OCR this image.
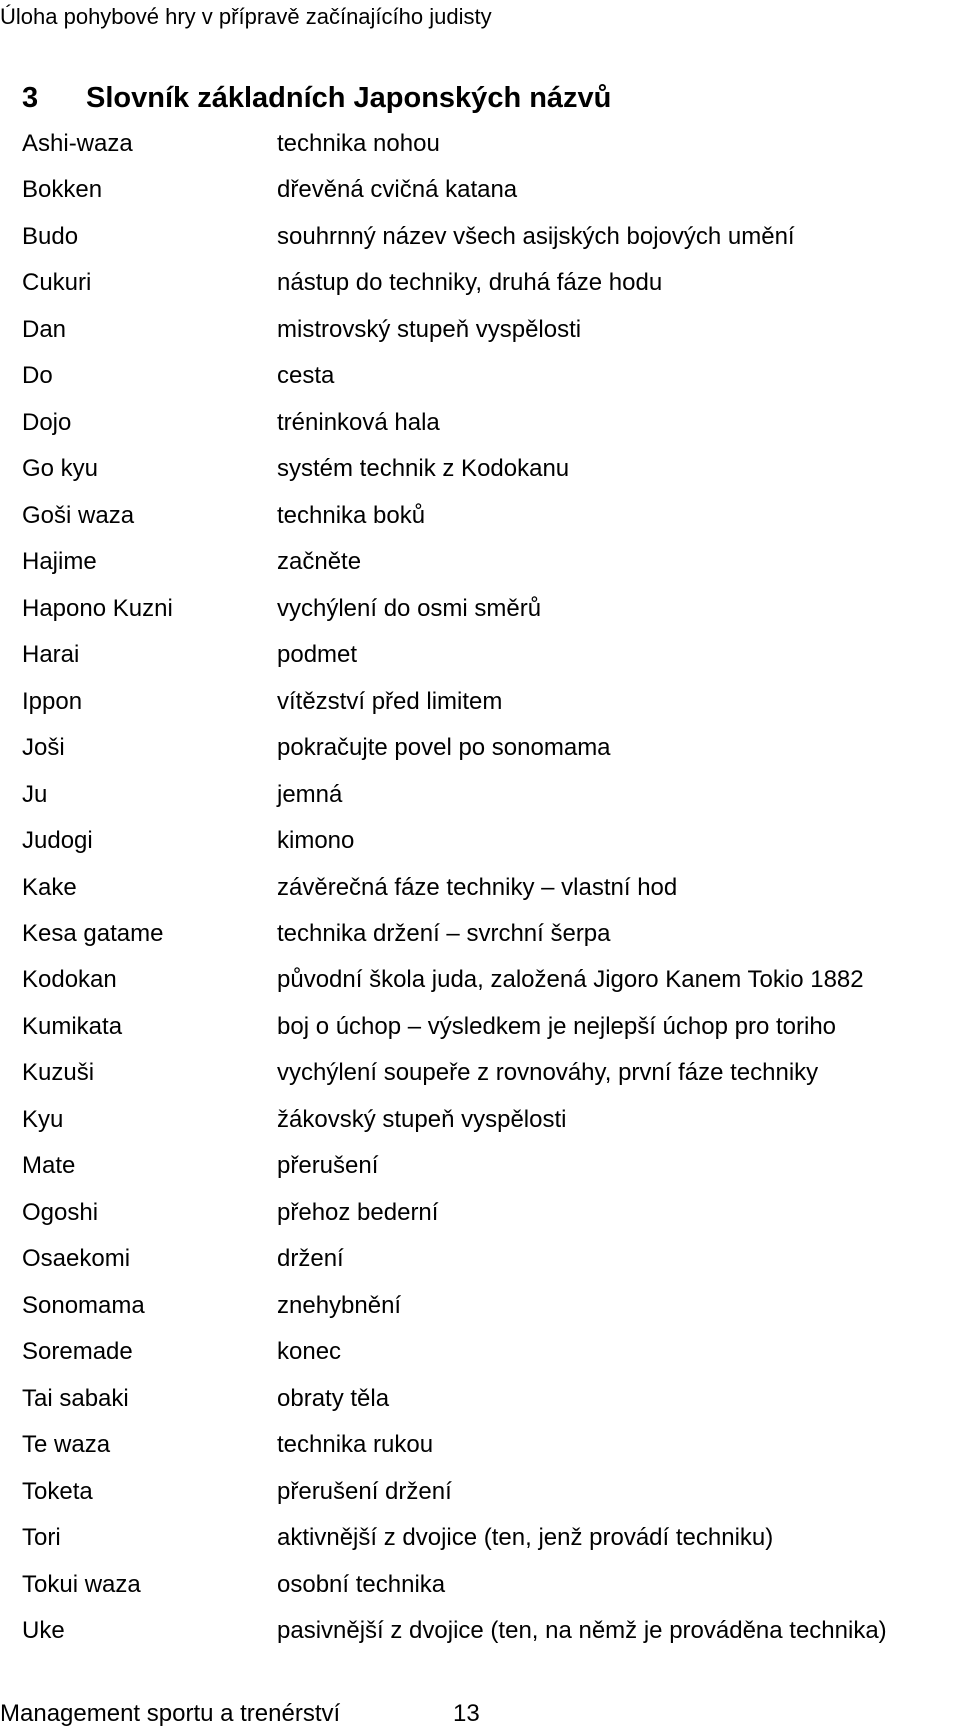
Úloha pohybové hry v přípravě začínajícího judisty
3 Slovník základních Japonských názvů
Ashi-waza	technika nohou
Bokken	dřevěná cvičná katana
Budo	souhrnný název všech asijských bojových umění
Cukuri	nástup do techniky, druhá fáze hodu
Dan	mistrovský stupeň vyspělosti
Do	cesta
Dojo	tréninková hala
Go kyu	systém technik z Kodokanu
Goši waza	technika boků
Hajime	začněte
Hapono Kuzni	vychýlení do osmi směrů
Harai	podmet
Ippon	vítězství před limitem
Joši	pokračujte povel po sonomama
Ju	jemná
Judogi	kimono
Kake	závěrečná fáze techniky – vlastní hod
Kesa gatame	technika držení – svrchní šerpa
Kodokan	původní škola juda, založená Jigoro Kanem Tokio 1882
Kumikata	boj o úchop – výsledkem je nejlepší úchop pro toriho
Kuzuši	vychýlení soupeře z rovnováhy, první fáze techniky
Kyu	žákovský stupeň vyspělosti
Mate	přerušení
Ogoshi	přehoz bederní
Osaekomi	držení
Sonomama	znehybnění
Soremade	konec
Tai sabaki	obraty těla
Te waza	technika rukou
Toketa	přerušení držení
Tori	aktivnější z dvojice (ten, jenž provádí techniku)
Tokui waza	osobní technika
Uke	pasivnější z dvojice (ten, na němž je prováděna technika)
Management sportu a trenérství	13
